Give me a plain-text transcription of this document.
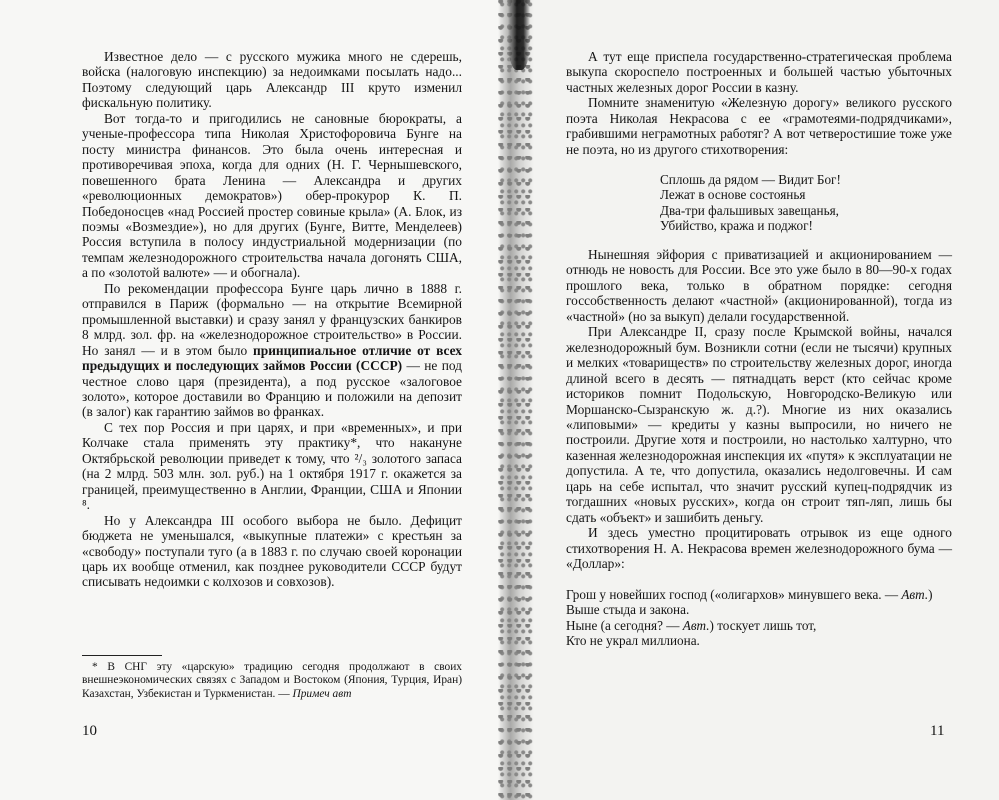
Известное дело — с русского мужика много не сдерешь, войска (налоговую инспекцию) за недоимками посылать надо... Поэтому следующий царь Александр III круто изменил фискальную политику.

Вот тогда-то и пригодились не сановные бюрократы, а ученые-профессора типа Николая Христофоровича Бунге на посту министра финансов. Это была очень интересная и противоречивая эпоха, когда для одних (Н. Г. Чернышевского, повешенного брата Ленина — Александра и других «революционных демократов») обер-прокурор К. П. Победоносцев «над Россией простер совиные крыла» (А. Блок, из поэмы «Возмездие»), но для других (Бунге, Витте, Менделеев) Россия вступила в полосу индустриальной модернизации (по темпам железнодорожного строительства начала догонять США, а по «золотой валюте» — и обогнала).

По рекомендации профессора Бунге царь лично в 1888 г. отправился в Париж (формально — на открытие Всемирной промышленной выставки) и сразу занял у французских банкиров 8 млрд. зол. фр. на «железнодорожное строительство» в России. Но занял — и в этом было принципиальное отличие от всех предыдущих и последующих займов России (СССР) — не под честное слово царя (президента), а под русское «залоговое золото», которое доставили во Францию и положили на депозит (в залог) как гарантию займов во франках.

С тех пор Россия и при царях, и при «временных», и при Колчаке стала применять эту практику*, что накануне Октябрьской революции приведет к тому, что ²/₃ золотого запаса (на 2 млрд. 503 млн. зол. руб.) на 1 октября 1917 г. окажется за границей, преимущественно в Англии, Франции, США и Японии ⁸.

Но у Александра III особого выбора не было. Дефицит бюджета не уменьшался, «выкупные платежи» с крестьян за «свободу» поступали туго (а в 1883 г. по случаю своей коронации царь их вообще отменил, как позднее руководители СССР будут списывать недоимки с колхозов и совхозов).

* В СНГ эту «царскую» традицию сегодня продолжают в своих внешнеэкономических связях с Западом и Востоком (Япония, Турция, Иран) Казахстан, Узбекистан и Туркменистан. — Примеч авт

10

А тут еще приспела государственно-стратегическая проблема выкупа скороспело построенных и большей частью убыточных частных железных дорог России в казну.

Помните знаменитую «Железную дорогу» великого русского поэта Николая Некрасова с ее «грамотеями-подрядчиками», грабившими неграмотных работяг? А вот четверостишие тоже уже не поэта, но из другого стихотворения:

Сплошь да рядом — Видит Бог!
Лежат в основе состоянья
Два-три фальшивых завещанья,
Убийство, кража и поджог!

Нынешняя эйфория с приватизацией и акционированием — отнюдь не новость для России. Все это уже было в 80—90-х годах прошлого века, только в обратном порядке: сегодня госсобственность делают «частной» (акционированной), тогда из «частной» (но за выкуп) делали государственной.

При Александре II, сразу после Крымской войны, начался железнодорожный бум. Возникли сотни (если не тысячи) крупных и мелких «товариществ» по строительству железных дорог, иногда длиной всего в десять — пятнадцать верст (кто сейчас кроме историков помнит Подольскую, Новгородско-Великую или Моршанско-Сызранскую ж. д.?). Многие из них оказались «липовыми» — кредиты у казны выпросили, но ничего не построили. Другие хотя и построили, но настолько халтурно, что казенная железнодорожная инспекция их «путя» к эксплуатации не допустила. А те, что допустила, оказались недолговечны. И сам царь на себе испытал, что значит русский купец-подрядчик из тогдашних «новых русских», когда он строит тяп-ляп, лишь бы сдать «объект» и зашибить деньгу.

И здесь уместно процитировать отрывок из еще одного стихотворения Н. А. Некрасова времен железнодорожного бума — «Доллар»:

Грош у новейших господ («олигархов» минувшего века. — Авт.)
Выше стыда и закона.
Ныне (а сегодня? — Авт.) тоскует лишь тот,
Кто не украл миллиона.
11
